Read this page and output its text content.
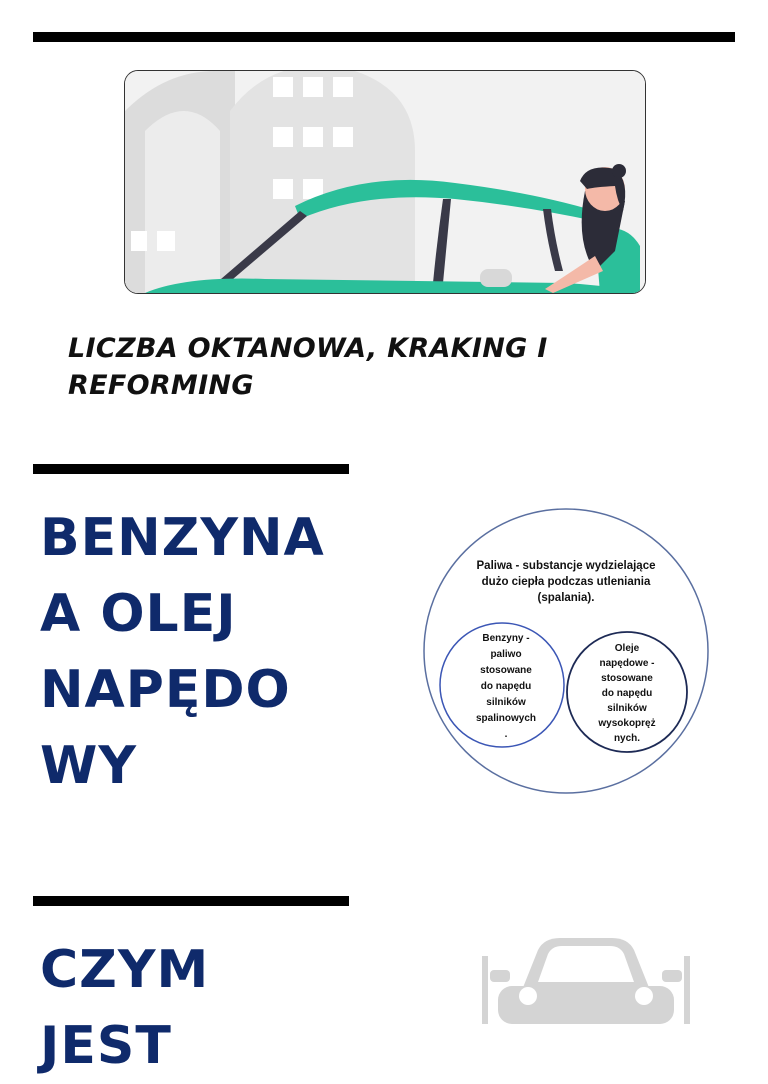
LICZBA OKTANOWA, KRAKING I
REFORMING
BENZYNA
A OLEJ
NAPĘDO
WY
Paliwa - substancje wydzielające
dużo ciepła podczas utleniania
(spalania).
Benzyny -
paliwo
stosowane
do napędu
silników
spalinowych
.
Oleje
napędowe -
stosowane
do napędu
silników
wysokopręż
nych.
CZYM JEST
